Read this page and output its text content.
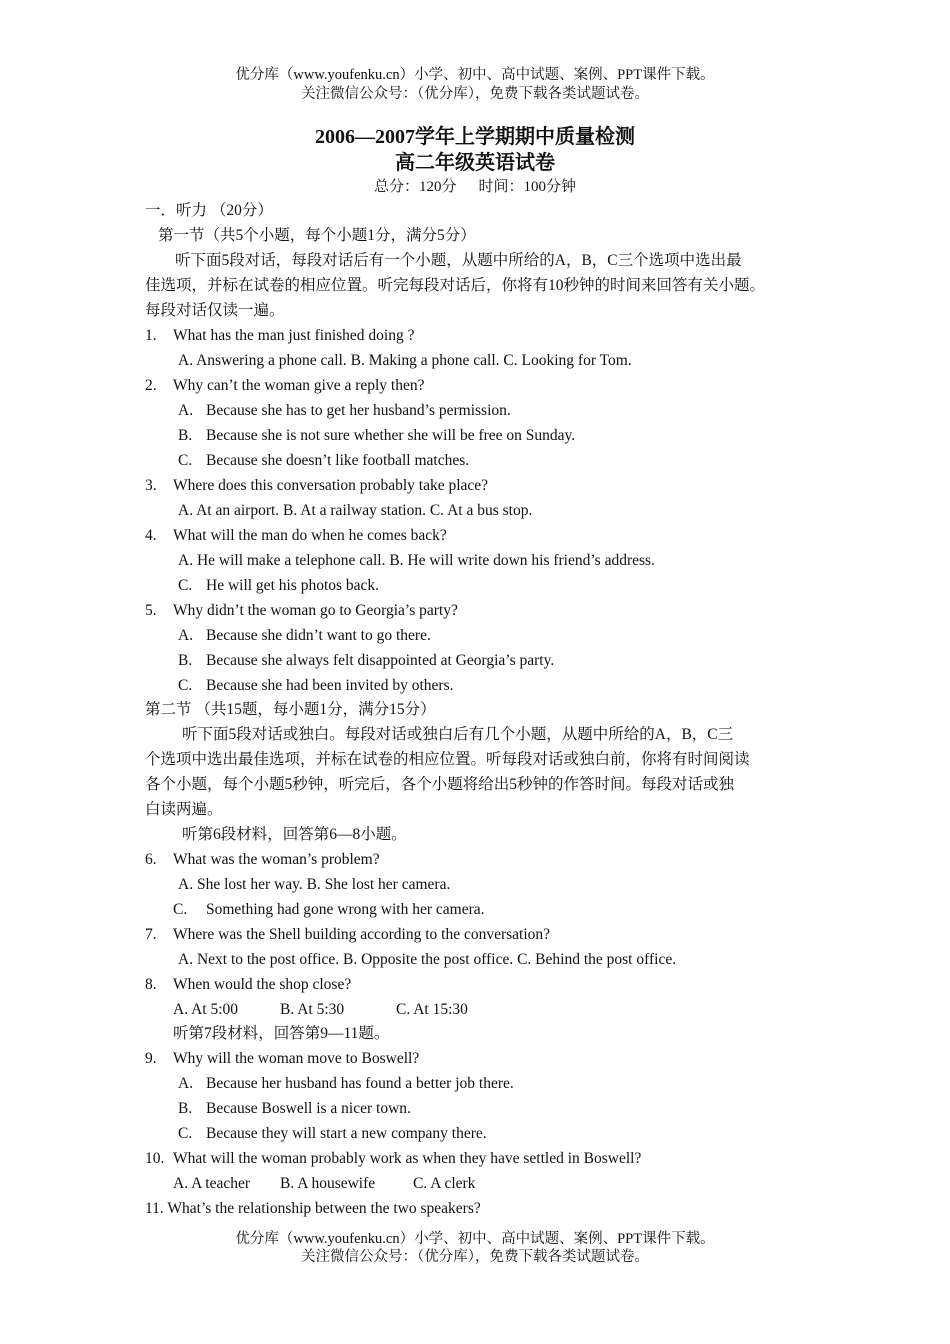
优分库（www.youfenku.cn）小学、初中、高中试题、案例、PPT课件下载。
关注微信公众号：（优分库），免费下载各类试题试卷。
2006—2007学年上学期期中质量检测
高二年级英语试卷
总分：120分 时间：100分钟
一．听力 （20分）
第一节（共5个小题，每个小题1分，满分5分）
听下面5段对话，每段对话后有一个小题，从题中所给的A，B，C三个选项中选出最
佳选项，并标在试卷的相应位置。听完每段对话后，你将有10秒钟的时间来回答有关小题。
每段对话仅读一遍。
1. What has the man just finished doing ?
A. Answering a phone call. B. Making a phone call. C. Looking for Tom.
2. Why can’t the woman give a reply then?
A. Because she has to get her husband’s permission.
B. Because she is not sure whether she will be free on Sunday.
C. Because she doesn’t like football matches.
3. Where does this conversation probably take place?
A. At an airport. B. At a railway station. C. At a bus stop.
4. What will the man do when he comes back?
A. He will make a telephone call. B. He will write down his friend’s address.
C. He will get his photos back.
5. Why didn’t the woman go to Georgia’s party?
A. Because she didn’t want to go there.
B. Because she always felt disappointed at Georgia’s party.
C. Because she had been invited by others.
第二节 （共15题，每小题1分，满分15分）
听下面5段对话或独白。每段对话或独白后有几个小题，从题中所给的A，B，C三
个选项中选出最佳选项，并标在试卷的相应位置。听每段对话或独白前，你将有时间阅读
各个小题，每个小题5秒钟，听完后，各个小题将给出5秒钟的作答时间。每段对话或独
白读两遍。
听第6段材料，回答第6—8小题。
6. What was the woman’s problem?
A. She lost her way. B. She lost her camera.
C. Something had gone wrong with her camera.
7. Where was the Shell building according to the conversation?
A. Next to the post office. B. Opposite the post office. C. Behind the post office.
8. When would the shop close?
A. At 5:00	B. At 5:30	C. At 15:30
听第7段材料，回答第9—11题。
9. Why will the woman move to Boswell?
A. Because her husband has found a better job there.
B. Because Boswell is a nicer town.
C. Because they will start a new company there.
10. What will the woman probably work as when they have settled in Boswell?
A. A teacher B. A housewife C. A clerk
11. What’s the relationship between the two speakers?
优分库（www.youfenku.cn）小学、初中、高中试题、案例、PPT课件下载。
关注微信公众号：（优分库），免费下载各类试题试卷。
